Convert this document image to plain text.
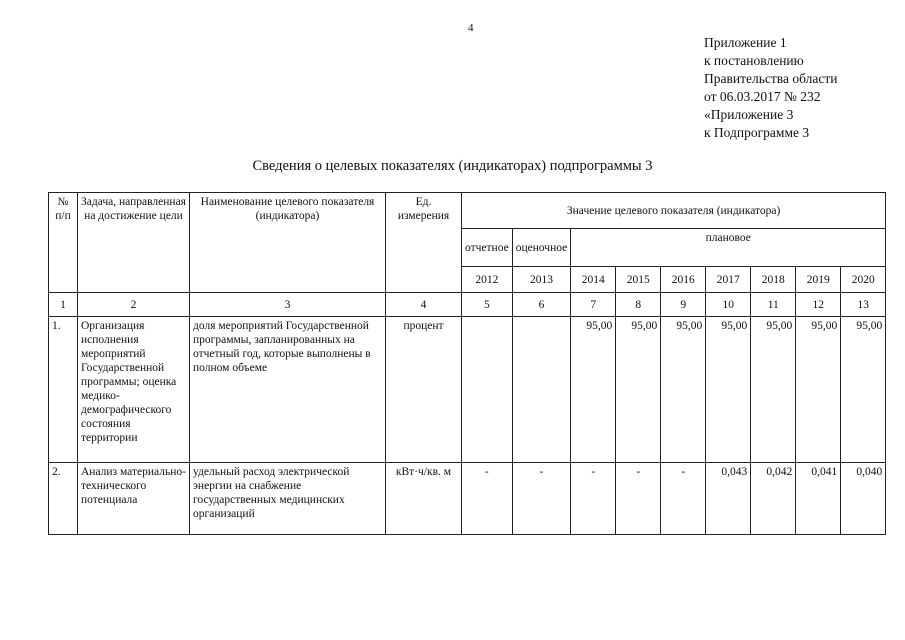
4
Приложение 1
к постановлению
Правительства области
от 06.03.2017 № 232
«Приложение 3
к Подпрограмме 3
Сведения о целевых показателях (индикаторах) подпрограммы 3
№ п/п	Задача, направленная на достижение цели	Наименование целевого показателя (индикатора)	Ед. измерения	Значение целевого показателя (индикатора)								
				отчетное	оценочное	плановое						
				2012	2013	2014	2015	2016	2017	2018	2019	2020
1	2	3	4	5	6	7	8	9	10	11	12	13
1.	Организация исполнения мероприятий Государственной программы; оценка медико-демографического состояния территории	доля мероприятий Государственной программы, запланированных на отчетный год, которые выполнены в полном объеме	процент			95,00	95,00	95,00	95,00	95,00	95,00	95,00
2.	Анализ материально-технического потенциала	удельный расход электрической энергии на снабжение государственных медицинских организаций	кВт·ч/кв. м	-	-	-	-	-	0,043	0,042	0,041	0,040
